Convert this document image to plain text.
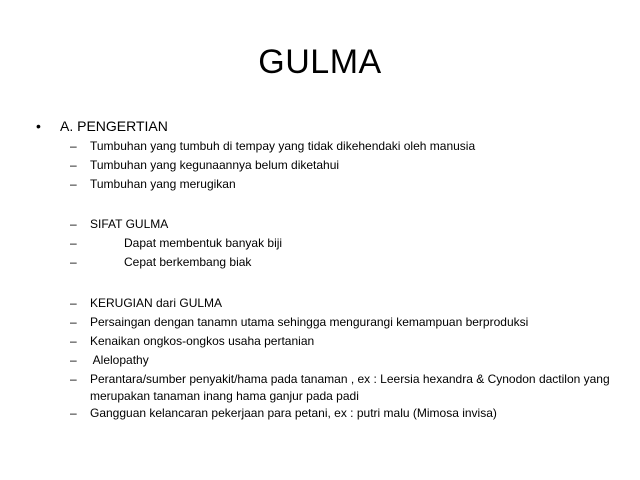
GULMA
• A. PENGERTIAN
– Tumbuhan yang tumbuh di tempay yang tidak dikehendaki oleh manusia
– Tumbuhan yang kegunaannya belum diketahui
– Tumbuhan yang merugikan
– SIFAT GULMA
–	Dapat membentuk banyak biji
–	Cepat berkembang biak
– KERUGIAN dari GULMA
– Persaingan dengan tanamn utama sehingga mengurangi kemampuan berproduksi
– Kenaikan ongkos-ongkos usaha pertanian
– Alelopathy
– Perantara/sumber penyakit/hama pada tanaman , ex : Leersia hexandra & Cynodon dactilon yang merupakan tanaman inang hama ganjur pada padi
– Gangguan kelancaran pekerjaan para petani, ex : putri malu (Mimosa invisa)
